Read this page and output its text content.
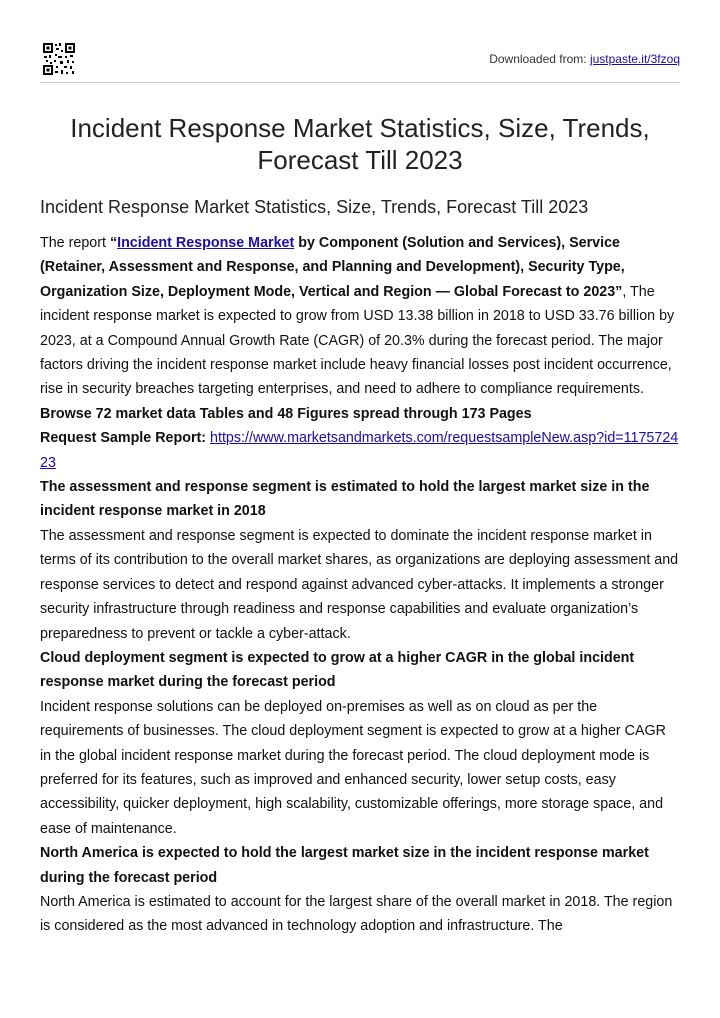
Downloaded from: justpaste.it/3fzoq
Incident Response Market Statistics, Size, Trends, Forecast Till 2023
Incident Response Market Statistics, Size, Trends, Forecast Till 2023

The report “Incident Response Market by Component (Solution and Services), Service (Retainer, Assessment and Response, and Planning and Development), Security Type, Organization Size, Deployment Mode, Vertical and Region — Global Forecast to 2023”, The incident response market is expected to grow from USD 13.38 billion in 2018 to USD 33.76 billion by 2023, at a Compound Annual Growth Rate (CAGR) of 20.3% during the forecast period. The major factors driving the incident response market include heavy financial losses post incident occurrence, rise in security breaches targeting enterprises, and need to adhere to compliance requirements.

Browse 72 market data Tables and 48 Figures spread through 173 Pages

Request Sample Report: https://www.marketsandmarkets.com/requestsampleNew.asp?id=117572423

The assessment and response segment is estimated to hold the largest market size in the incident response market in 2018

The assessment and response segment is expected to dominate the incident response market in terms of its contribution to the overall market shares, as organizations are deploying assessment and response services to detect and respond against advanced cyber-attacks. It implements a stronger security infrastructure through readiness and response capabilities and evaluate organization’s preparedness to prevent or tackle a cyber-attack.

Cloud deployment segment is expected to grow at a higher CAGR in the global incident response market during the forecast period

Incident response solutions can be deployed on-premises as well as on cloud as per the requirements of businesses. The cloud deployment segment is expected to grow at a higher CAGR in the global incident response market during the forecast period. The cloud deployment mode is preferred for its features, such as improved and enhanced security, lower setup costs, easy accessibility, quicker deployment, high scalability, customizable offerings, more storage space, and ease of maintenance.

North America is expected to hold the largest market size in the incident response market during the forecast period

North America is estimated to account for the largest share of the overall market in 2018. The region is considered as the most advanced in technology adoption and infrastructure. The
